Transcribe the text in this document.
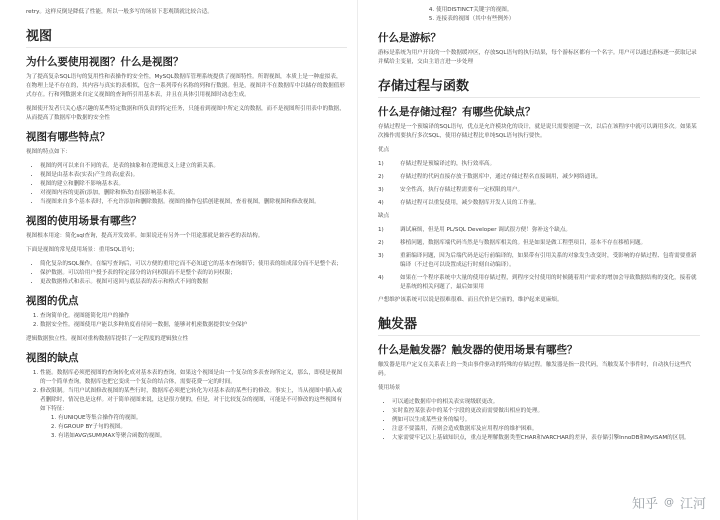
retry。这样反倒是降低了性能，所以一般多写的场景下悲观锁就比较合适。

视图
为什么要使用视图？什么是视图？

为了提高复杂SQL语句的复用性和表操作的安全性，MySQL数据库管理系统提供了视图特性。所谓视图，本质上是一种虚拟表，在物理上是不存在的，其内容与真实的表相似，包含一系列带有名称的列和行数据。但是，视图并不在数据库中以储存的数据值形式存在。行和列数据来自定义视图的查询所引用基本表，并且在具体引用视图时动态生成。

视图使开发者只关心感兴趣的某些特定数据和所负责的特定任务，只能看到视图中所定义的数据，而不是视图所引用表中的数据，从而提高了数据库中数据的安全性

视图有哪些特点？

视图的特点如下：

• 视图的列可以来自不同的表，是表的抽象和在逻辑意义上建立的新关系。
• 视图是由基本表(实表)产生的表(虚表)。
• 视图的建立和删除不影响基本表。
• 对视图内容的更新(添加，删除和修改)直接影响基本表。
• 当视图来自多个基本表时，不允许添加和删除数据。视图的操作包括创建视图，查看视图，删除视图和修改视图。
视图的使用场景有哪些？

视图根本用途：简化sql查询，提高开发效率。如果说还有另外一个用途那就是兼容老的表结构。

下面是视图的常见使用场景：重用SQL语句；

• 简化复杂的SQL操作。在编写查询后，可以方便的重用它而不必知道它的基本查询细节；使用表的组成部分而不是整个表；
• 保护数据。可以给用户授予表的特定部分的访问权限而不是整个表的访问权限；
• 更改数据格式和表示。视图可返回与底层表的表示和格式不同的数据
视图的优点
1. 查询简单化。视图能简化用户的操作
2. 数据安全性。视图使用户能以多种角度看待同一数据，能够对机密数据提供安全保护

逻辑数据独立性。视图对重构数据库提供了一定程度的逻辑独立性

视图的缺点
1. 性能。数据库必须把视图的查询转化成对基本表的查询，如果这个视图是由一个复杂的多表查询所定义，那么，即使是视图的一个简单查询，数据库也把它变成一个复杂的结合体，需要花费一定的时间。
2. 修改限制。当用户试图修改视图的某些行时，数据库必须把它转化为对基本表的某些行的修改。事实上，当从视图中插入或者删除时，情况也是这样。对于简单视图来说，这是很方便的，但是，对于比较复杂的视图，可能是不可修改的这些视图有如下特征：
1. 有UNIQUE等集合操作符的视图。
2. 有GROUP BY子句的视图。
3. 有诸如AVG\SUM\MAX等聚合函数的视图。
4. 使用DISTINCT关键字的视图。
5. 连接表的视图（其中有些例外）
什么是游标？

游标是系统为用户开设的一个数据缓冲区，存放SQL语句的执行结果，每个游标区都有一个名字。用户可以通过游标逐一获取记录并赋给主变量，交由主语言进一步处理

存储过程与函数
什么是存储过程？有哪些优缺点？

存储过程是一个预编译的SQL语句，优点是允许模块化的设计，就是说只需要创建一次，以后在该程序中就可以调用多次。如果某次操作需要执行多次SQL，使用存储过程比单纯SQL语句执行要快。

优点

1)	存储过程是预编译过的，执行效率高。
2)	存储过程的代码直接存放于数据库中，通过存储过程名直接调用，减少网络通讯。
3)	安全性高，执行存储过程需要有一定权限的用户。
4)	存储过程可以重复使用，减少数据库开发人员的工作量。

缺点

1)	调试麻烦，但是用 PL/SQL Developer 调试很方便！弥补这个缺点。
2)	移植问题，数据库端代码当然是与数据库相关的。但是如果是做工程型项目，基本不存在移植问题。
3)	重新编译问题，因为后端代码是运行前编译的，如果带有引用关系的对象发生改变时，受影响的存储过程、包将需要重新编译（不过也可以设置成运行时刻自动编译）。
4)	如果在一个程序系统中大量的使用存储过程，到程序交付使用的时候随着用户需求的增加会导致数据结构的变化，接着就是系统的相关问题了，最后如果用

户想维护该系统可以说是很难很难、而且代价是空前的，维护起来更麻烦。

触发器
什么是触发器？触发器的使用场景有哪些？

触发器是用户定义在关系表上的一类由事件驱动的特殊的存储过程。触发器是指一段代码，当触发某个事件时，自动执行这些代码。

使用场景

• 可以通过数据库中的相关表实现级联更改。
• 实时监控某张表中的某个字段的更改而需要做出相应的处理。
• 例如可以生成某些业务的编号。
• 注意不要滥用，否则会造成数据库及应用程序的维护困难。
• 大家需要牢记以上基础知识点，重点是理解数据类型CHAR和VARCHAR的差异，表存储引擎InnoDB和MyISAM的区别。
知乎 @ 江河
